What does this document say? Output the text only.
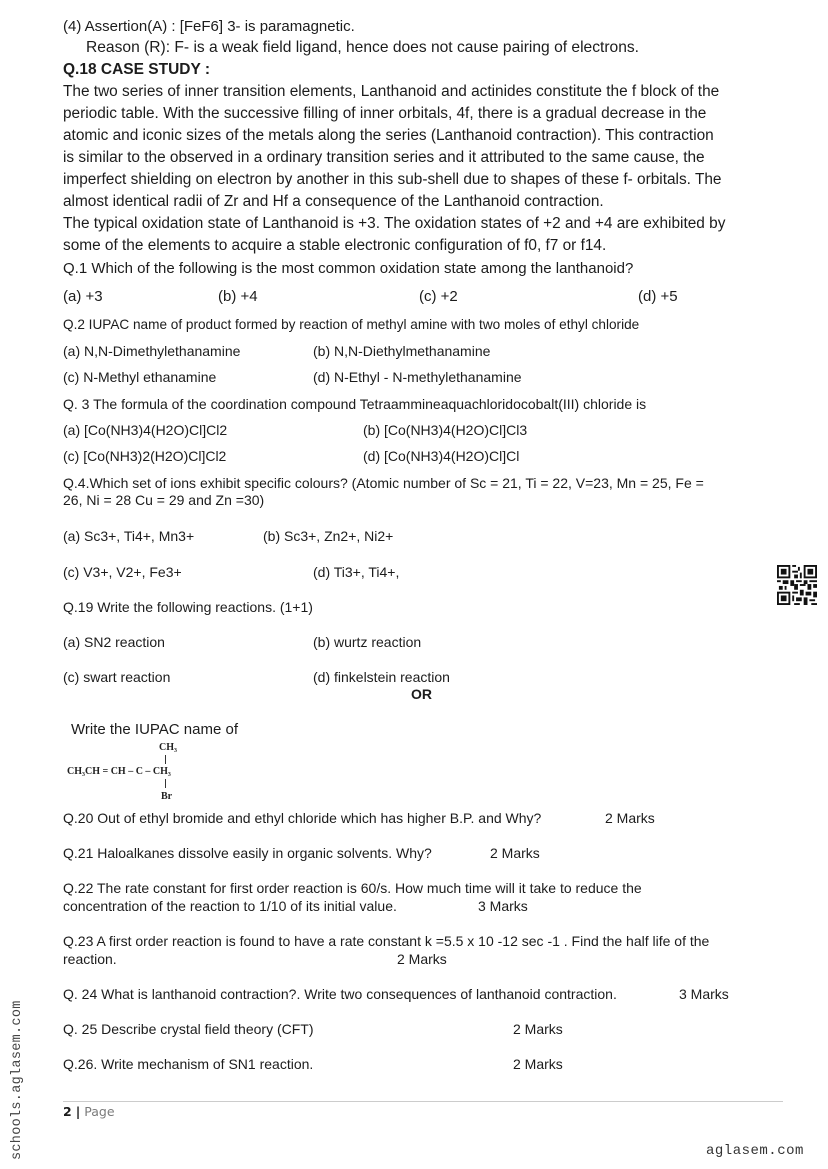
(4) Assertion(A) : [FeF6] 3- is paramagnetic.
Reason (R): F- is a weak field ligand, hence does not cause pairing of electrons.
Q.18 CASE STUDY :
The two series of inner transition elements, Lanthanoid and actinides constitute the f block of the
periodic table. With the successive filling of inner orbitals, 4f, there is a gradual decrease in the
atomic and iconic sizes of the metals along the series (Lanthanoid contraction). This contraction
is similar to the observed in a ordinary transition series and it attributed to the same cause, the
imperfect shielding on electron by another in this sub-shell due to shapes of these f- orbitals. The
almost identical radii of Zr and Hf a consequence of the Lanthanoid contraction.
The typical oxidation state of Lanthanoid is +3. The oxidation states of +2 and +4 are exhibited by
some of the elements to acquire a stable electronic configuration of f0, f7 or f14.
Q.1 Which of the following is the most common oxidation state among the lanthanoid?
(a) +3	(b) +4	(c) +2	(d) +5
Q.2 IUPAC name of product formed by reaction of methyl amine with two moles of ethyl chloride
(a) N,N-Dimethylethanamine	(b) N,N-Diethylmethanamine
(c) N-Methyl ethanamine	(d) N-Ethyl - N-methylethanamine
Q. 3 The formula of the coordination compound Tetraammineaquachloridocobalt(III) chloride is
(a) [Co(NH3)4(H2O)Cl]Cl2	(b) [Co(NH3)4(H2O)Cl]Cl3
(c) [Co(NH3)2(H2O)Cl]Cl2	(d) [Co(NH3)4(H2O)Cl]Cl
Q.4.Which set of ions exhibit specific colours? (Atomic number of Sc = 21, Ti = 22, V=23, Mn = 25, Fe =
26, Ni = 28 Cu = 29 and Zn =30)
(a) Sc3+, Ti4+, Mn3+	(b) Sc3+, Zn2+, Ni2+
(c) V3+, V2+, Fe3+	(d) Ti3+, Ti4+,
Q.19 Write the following reactions. (1+1)
(a) SN2 reaction	(b) wurtz reaction
(c) swart reaction	(d) finkelstein reaction
OR
Write the IUPAC name of
CH₃
CH₃CH = CH – C – CH₃
Br
Q.20 Out of ethyl bromide and ethyl chloride which has higher B.P. and Why?	2 Marks
Q.21 Haloalkanes dissolve easily in organic solvents. Why?	2 Marks
Q.22 The rate constant for first order reaction is 60/s. How much time will it take to reduce the
concentration of the reaction to 1/10 of its initial value.	3 Marks
Q.23 A first order reaction is found to have a rate constant k =5.5 x 10 -12 sec -1 . Find the half life of the
reaction.	2 Marks
Q. 24 What is lanthanoid contraction?. Write two consequences of lanthanoid contraction.	3 Marks
Q. 25 Describe crystal field theory (CFT)	2 Marks
Q.26. Write mechanism of SN1 reaction.	2 Marks
2 | Page
schools.aglasem.com	aglasem.com
